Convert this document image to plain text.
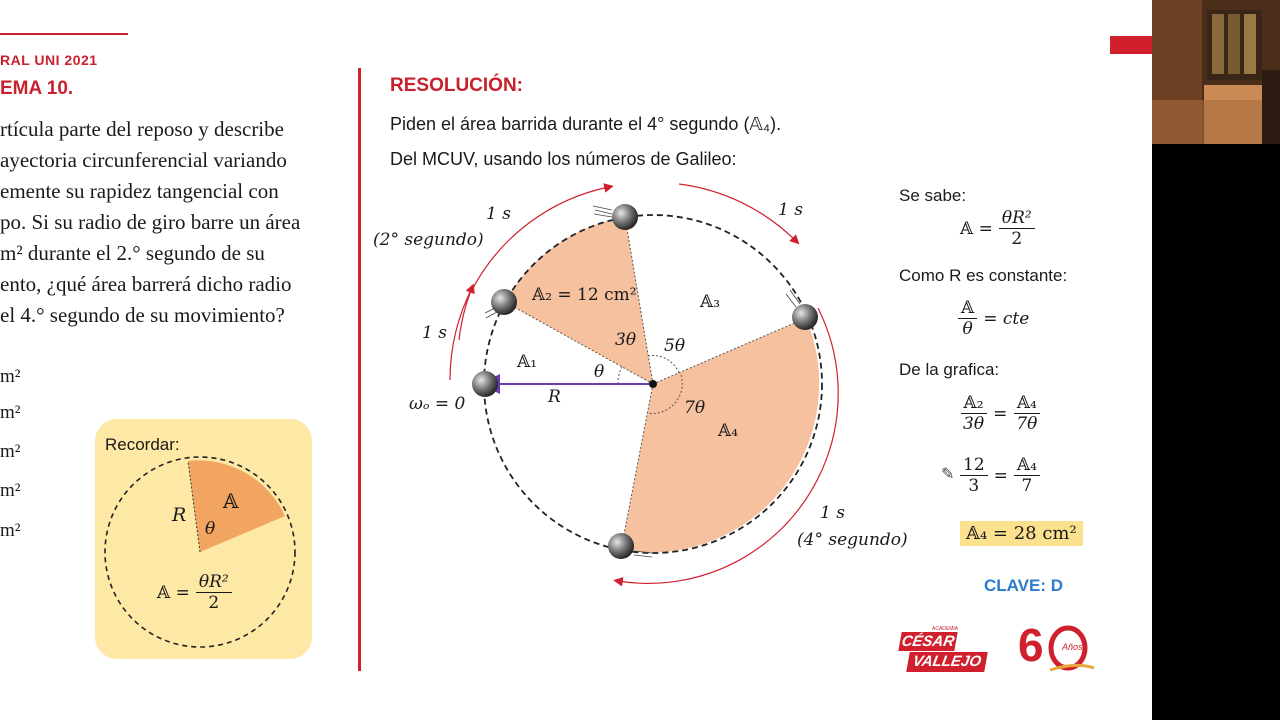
RAL UNI 2021
EMA 10.
rtícula parte del reposo y describe
ayectoria circunferencial variando
emente su rapidez tangencial con
po. Si su radio de giro barre un área
m² durante el 2.° segundo de su
ento, ¿qué área barrerá dicho radio
el 4.° segundo de su movimiento?
m²
m²
m²
m²
m²
Recordar:
R
θ
𝔸
𝔸 = $\frac{\text{θR²}}{2}$
RESOLUCIÓN:
Piden el área barrida durante el 4° segundo (𝔸₄).
Del MCUV, usando los números de Galileo:
1 s
(2° segundo)
1 s
1 s
1 s
(4° segundo)
ωₒ = 0	R
𝔸₁
𝔸₂ = 12 cm²	𝔸₃
𝔸₄
θ
3θ 5θ
7θ
Se sabe:
𝔸 = $\frac{\text{θR²}}{2}$
Como R es constante:
$\frac{\text{𝔸}}{\theta}$ = cte
De la grafica:
$\frac{\text{𝔸₂}}{3\theta} = \frac{\text{𝔸₄}}{7\theta}$
$\frac{12}{3} = \frac{\text{𝔸₄}}{7}$
✎
𝔸₄ = 28 cm²
CLAVE: D
ACADEMIA
CÉSAR
VALLEJO 6 Años
